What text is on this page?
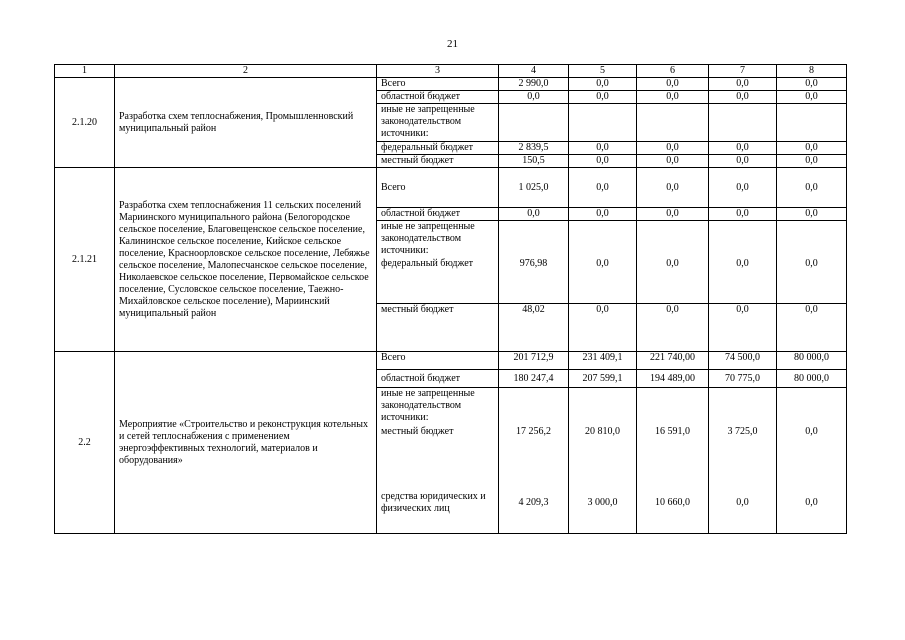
21
1	2	3	4	5	6	7	8
2.1.20	Разработка схем теплоснабжения, Промышленновский муниципальный район	Всего	2 990,0	0,0	0,0	0,0	0,0
		областной бюджет	0,0	0,0	0,0	0,0	0,0
		иные не запрещенные законодательством источники:					
		федеральный бюджет	2 839,5	0,0	0,0	0,0	0,0
		местный бюджет	150,5	0,0	0,0	0,0	0,0
2.1.21	Разработка схем теплоснабжения 11 сельских поселений Мариинского муниципального района (Белогородское сельское поселение, Благовещенское сельское поселение, Калининское сельское поселение, Кийское сельское поселение, Красноорловское сельское поселение, Лебяжье сельское поселение, Малопесчанское сельское поселение, Николаевское сельское поселение, Первомайское сельское поселение, Сусловское сельское поселение, Таежно-Михайловское сельское поселение), Мариинский муниципальный район	Всего	1 025,0	0,0	0,0	0,0	0,0
		областной бюджет	0,0	0,0	0,0	0,0	0,0
		иные не запрещенные законодательством источники:					
		федеральный бюджет	976,98	0,0	0,0	0,0	0,0
		местный бюджет	48,02	0,0	0,0	0,0	0,0
2.2	Мероприятие «Строительство и реконструкция котельных и сетей теплоснабжения с применением энергоэффективных технологий, материалов и оборудования»	Всего	201 712,9	231 409,1	221 740,00	74 500,0	80 000,0
		областной бюджет	180 247,4	207 599,1	194 489,00	70 775,0	80 000,0
		иные не запрещенные законодательством источники:					
		местный бюджет	17 256,2	20 810,0	16 591,0	3 725,0	0,0
		средства юридических и физических лиц	4 209,3	3 000,0	10 660,0	0,0	0,0
